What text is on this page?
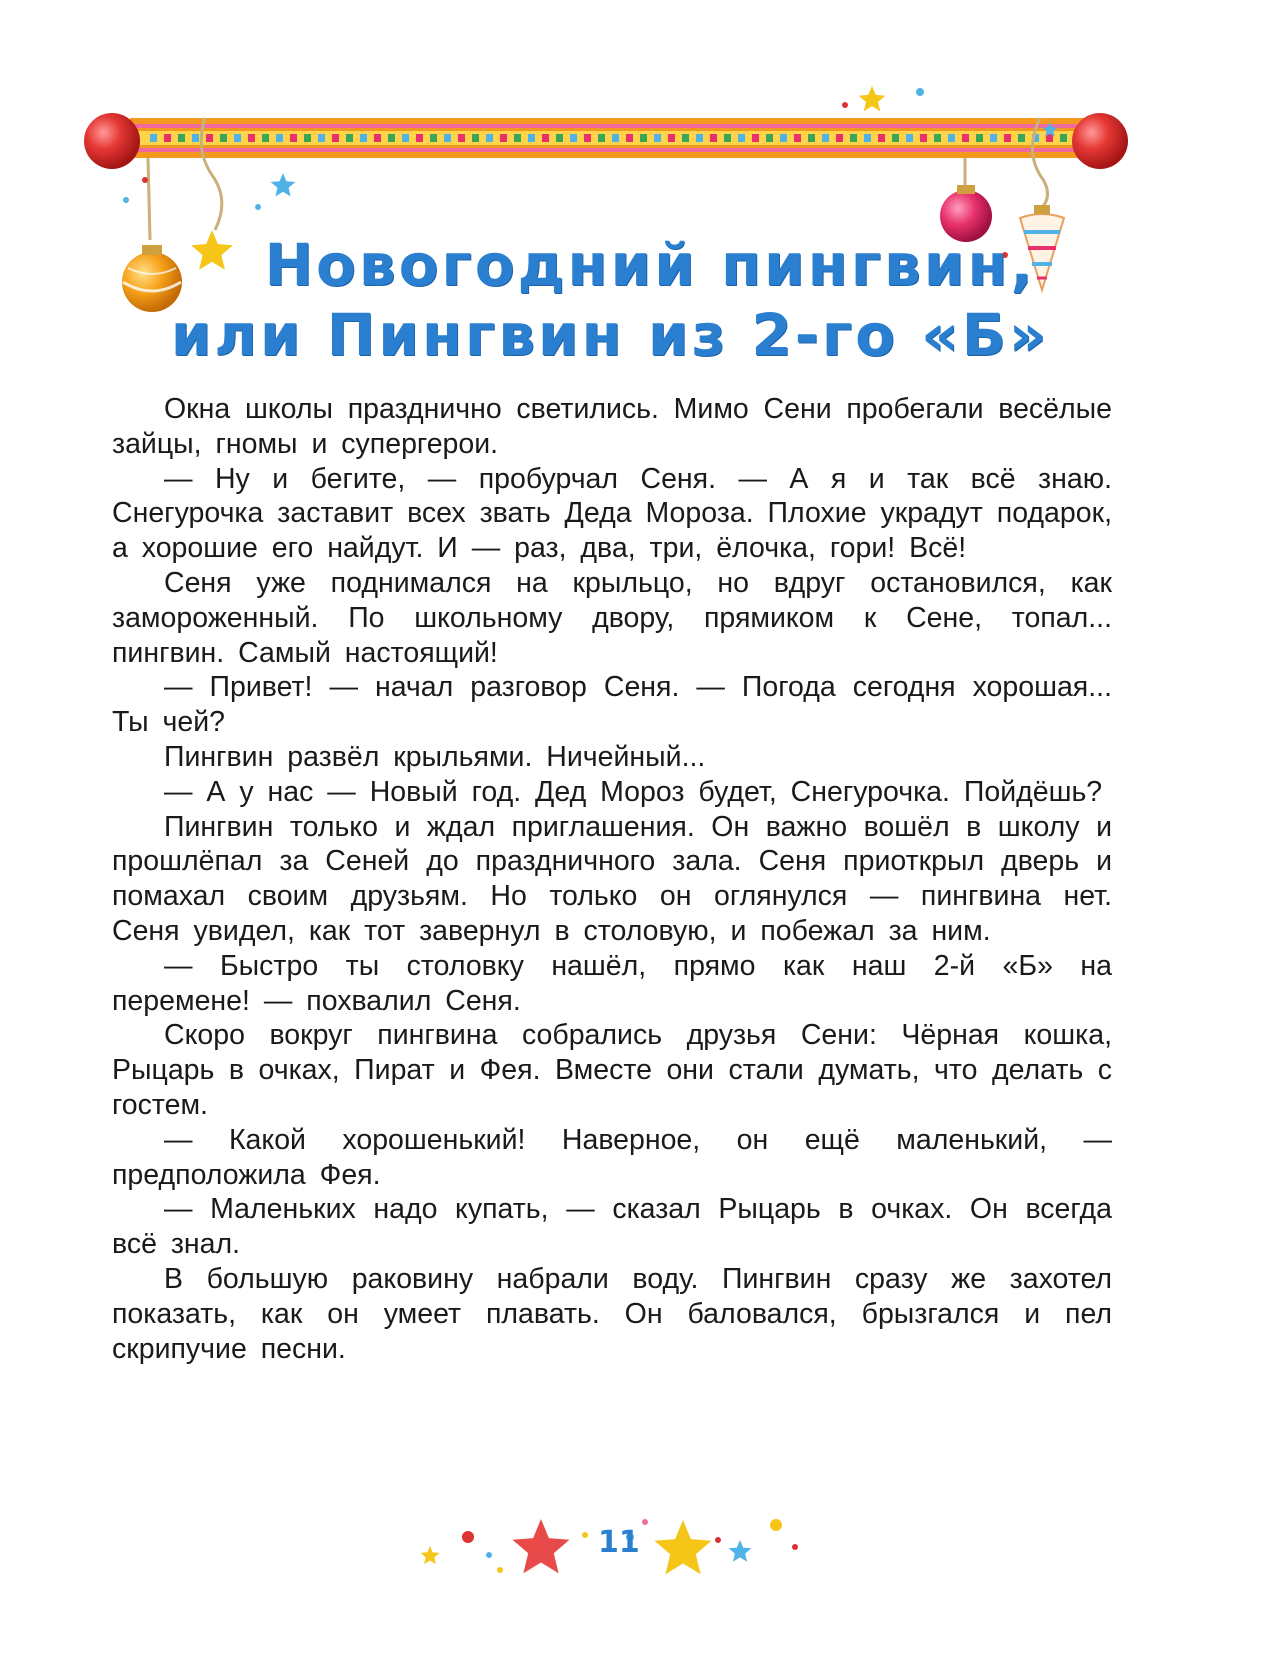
Новогодний пингвин,
или Пингвин из 2-го «Б»

Окна школы празднично светились. Мимо Сени пробегали весёлые зайцы, гномы и супергерои.

— Ну и бегите, — пробурчал Сеня. — А я и так всё знаю. Снегурочка заставит всех звать Деда Мороза. Плохие украдут подарок, а хорошие его найдут. И — раз, два, три, ёлочка, гори! Всё!

Сеня уже поднимался на крыльцо, но вдруг остановился, как замороженный. По школьному двору, прямиком к Сене, топал... пингвин. Самый настоящий!

— Привет! — начал разговор Сеня. — Погода сегодня хорошая... Ты чей?

Пингвин развёл крыльями. Ничейный...

— А у нас — Новый год. Дед Мороз будет, Снегурочка. Пойдёшь?

Пингвин только и ждал приглашения. Он важно вошёл в школу и прошлёпал за Сеней до праздничного зала. Сеня приоткрыл дверь и помахал своим друзьям. Но только он оглянулся — пингвина нет. Сеня увидел, как тот завернул в столовую, и побежал за ним.

— Быстро ты столовку нашёл, прямо как наш 2-й «Б» на перемене! — похвалил Сеня.

Скоро вокруг пингвина собрались друзья Сени: Чёрная кошка, Рыцарь в очках, Пират и Фея. Вместе они стали думать, что делать с гостем.

— Какой хорошенький! Наверное, он ещё маленький, — предположила Фея.

— Маленьких надо купать, — сказал Рыцарь в очках. Он всегда всё знал.

В большую раковину набрали воду. Пингвин сразу же захотел показать, как он умеет плавать. Он баловался, брызгался и пел скрипучие песни.

11
